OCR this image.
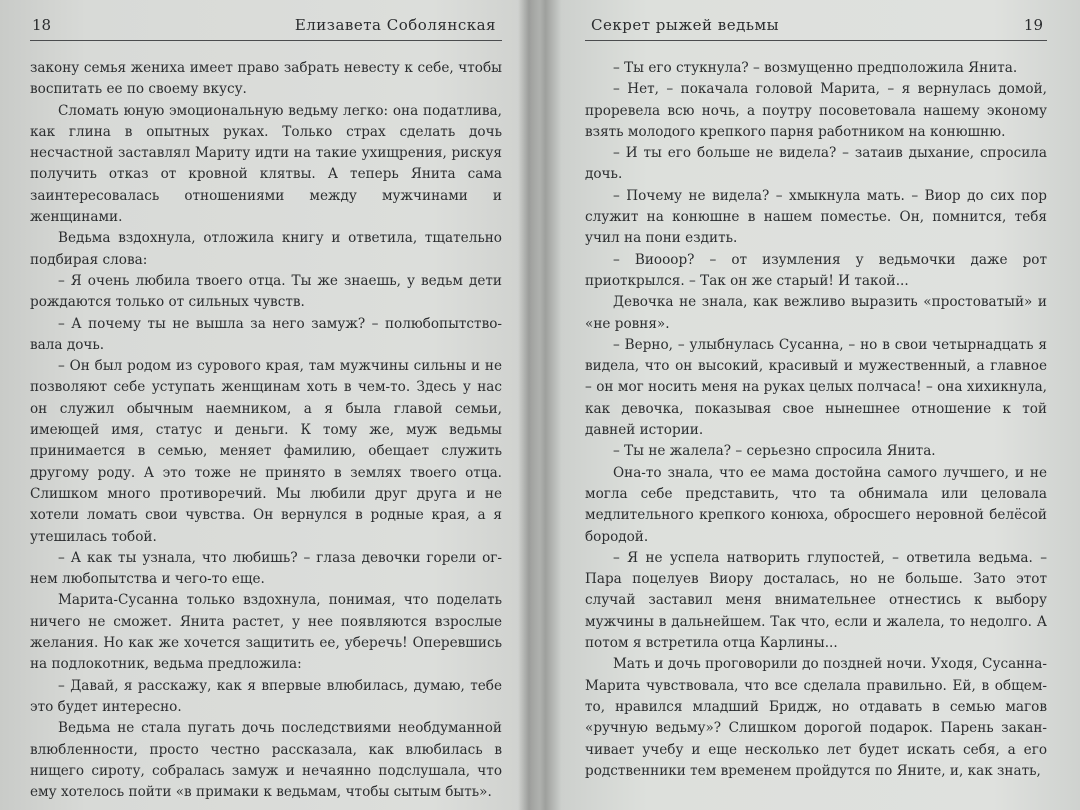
18	Елизавета Соболянская

закону семья жениха имеет право забрать невесту к себе, чтобы воспитать ее по своему вкусу.

Сломать юную эмоциональную ведьму легко: она податлива, как глина в опытных руках. Только страх сделать дочь несчастной заставлял Мариту идти на такие ухищрения, рискуя получить отказ от кровной клятвы. А теперь Янита сама заинтересовалась отношениями между мужчинами и женщинами.

Ведьма вздохнула, отложила книгу и ответила, тщательно подбирая слова:

– Я очень любила твоего отца. Ты же знаешь, у ведьм дети рождаются только от сильных чувств.

– А почему ты не вышла за него замуж? – полюбопытствовала дочь.

– Он был родом из сурового края, там мужчины сильны и не позволяют себе уступать женщинам хоть в чем-то. Здесь у нас он служил обычным наемником, а я была главой семьи, имеющей имя, статус и деньги. К тому же, муж ведьмы принимается в семью, меняет фамилию, обещает служить другому роду. А это тоже не принято в землях твоего отца. Слишком много противоречий. Мы любили друг друга и не хотели ломать свои чувства. Он вернулся в родные края, а я утешилась тобой.

– А как ты узнала, что любишь? – глаза девочки горели огнем любопытства и чего-то еще.

Марита-Сусанна только вздохнула, понимая, что поделать ничего не сможет. Янита растет, у нее появляются взрослые желания. Но как же хочется защитить ее, уберечь! Оперевшись на подлокотник, ведьма предложила:

– Давай, я расскажу, как я впервые влюбилась, думаю, тебе это будет интересно.

Ведьма не стала пугать дочь последствиями необдуманной влюбленности, просто честно рассказала, как влюбилась в нищего сироту, собралась замуж и нечаянно подслушала, что ему хотелось пойти «в примаки к ведьмам, чтобы сытым быть».

Секрет рыжей ведьмы	19

– Ты его стукнула? – возмущенно предположила Янита.

– Нет, – покачала головой Марита, – я вернулась домой, проревела всю ночь, а поутру посоветовала нашему эконому взять молодого крепкого парня работником на конюшню.

– И ты его больше не видела? – затаив дыхание, спросила дочь.

– Почему не видела? – хмыкнула мать. – Виор до сих пор служит на конюшне в нашем поместье. Он, помнится, тебя учил на пони ездить.

– Виооор? – от изумления у ведьмочки даже рот приоткрылся. – Так он же старый! И такой...

Девочка не знала, как вежливо выразить «простоватый» и «не ровня».

– Верно, – улыбнулась Сусанна, – но в свои четырнадцать я видела, что он высокий, красивый и мужественный, а главное – он мог носить меня на руках целых полчаса! – она хихикнула, как девочка, показывая свое нынешнее отношение к той давней истории.

– Ты не жалела? – серьезно спросила Янита.

Она-то знала, что ее мама достойна самого лучшего, и не могла себе представить, что та обнимала или целовала медлительного крепкого конюха, обросшего неровной белёсой бородой.

– Я не успела натворить глупостей, – ответила ведьма. – Пара поцелуев Виору досталась, но не больше. Зато этот случай заставил меня внимательнее отнестись к выбору мужчины в дальнейшем. Так что, если и жалела, то недолго. А потом я встретила отца Карлины...

Мать и дочь проговорили до поздней ночи. Уходя, Сусанна-Марита чувствовала, что все сделала правильно. Ей, в общем-то, нравился младший Бридж, но отдавать в семью магов «ручную ведьму»? Слишком дорогой подарок. Парень заканчивает учебу и еще несколько лет будет искать себя, а его родственники тем временем пройдутся по Яните, и, как знать,
